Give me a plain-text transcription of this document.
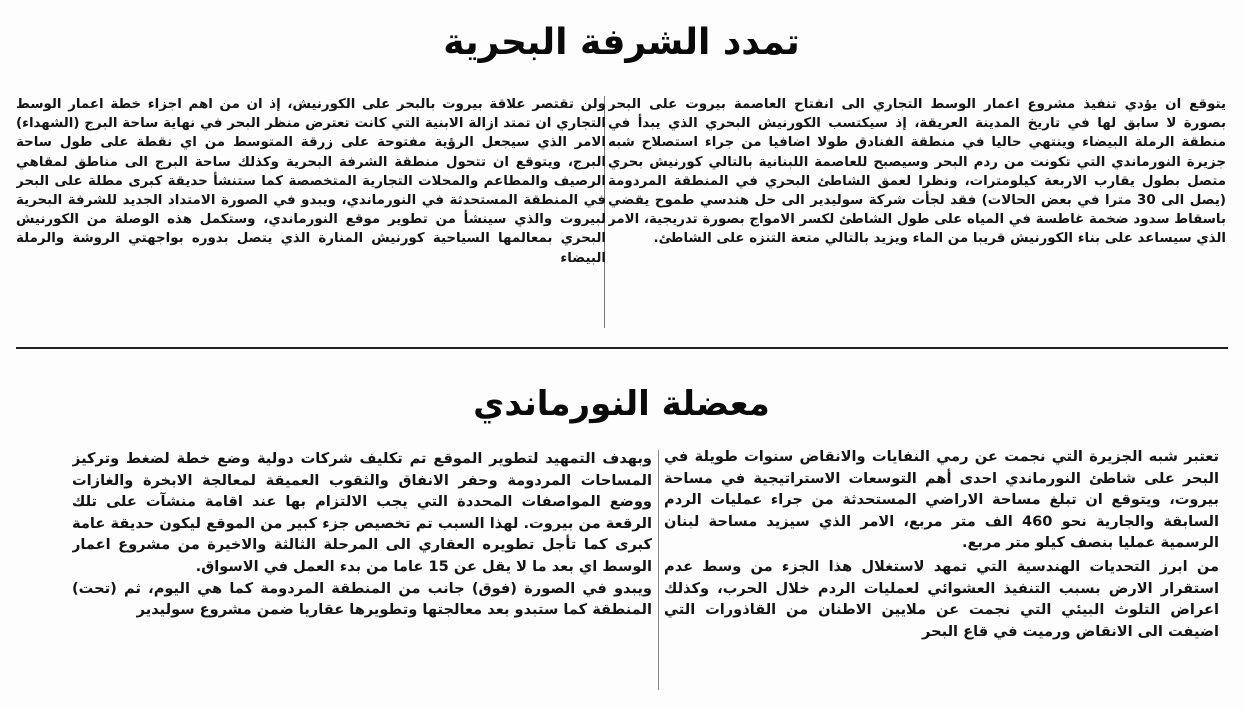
تمدد الشرفة البحرية

يتوقع ان يؤدي تنفيذ مشروع اعمار الوسط التجاري الى انفتاح العاصمة بيروت على البحر بصورة لا سابق لها في تاريخ المدينة العريقة، إذ سيكتسب الكورنيش البحري الذي يبدأ في منطقة الرملة البيضاء وينتهي حاليا في منطقة الفنادق طولا اضافيا من جراء استصلاح شبه جزيرة النورماندي التي تكونت من ردم البحر وسيصبح للعاصمة اللبنانية بالتالي كورنيش بحري متصل بطول يقارب الاربعة كيلومترات، ونظرا لعمق الشاطئ البحري في المنطقة المردومة (يصل الى 30 مترا في بعض الحالات) فقد لجأت شركة سوليدير الى حل هندسي طموح يقضي باسقاط سدود ضخمة غاطسة في المياه على طول الشاطئ لكسر الامواج بصورة تدريجية، الامر الذي سيساعد على بناء الكورنيش قريبا من الماء ويزيد بالتالي متعة التنزه على الشاطئ.

ولن تقتصر علاقة بيروت بالبحر على الكورنيش، إذ ان من اهم اجزاء خطة اعمار الوسط التجاري ان تمتد ازالة الابنية التي كانت تعترض منظر البحر في نهاية ساحة البرج (الشهداء) الامر الذي سيجعل الرؤية مفتوحة على زرقة المتوسط من اي نقطة على طول ساحة البرج، ويتوقع ان تتحول منطقة الشرفة البحرية وكذلك ساحة البرج الى مناطق لمقاهي الرصيف والمطاعم والمحلات التجارية المتخصصة كما ستنشأ حديقة كبرى مطلة على البحر في المنطقة المستحدثة في النورماندي، ويبدو في الصورة الامتداد الجديد للشرفة البحرية لبيروت والذي سينشأ من تطوير موقع النورماندي، وستكمل هذه الوصلة من الكورنيش البحري بمعالمها السياحية كورنيش المنارة الذي يتصل بدوره بواجهتي الروشة والرملة البيضاء

معضلة النورماندي

تعتبر شبه الجزيرة التي نجمت عن رمي النفايات والانقاض سنوات طويلة في البحر على شاطئ النورماندي احدى أهم التوسعات الاستراتيجية في مساحة بيروت، ويتوقع ان تبلغ مساحة الاراضي المستحدثة من جراء عمليات الردم السابقة والجارية نحو 460 الف متر مربع، الامر الذي سيزيد مساحة لبنان الرسمية عمليا بنصف كيلو متر مربع.

من ابرز التحديات الهندسية التي تمهد لاستغلال هذا الجزء من وسط عدم استقرار الارض بسبب التنفيذ العشوائي لعمليات الردم خلال الحرب، وكذلك اعراض التلوث البيئي التي نجمت عن ملايين الاطنان من القاذورات التي اضيفت الى الانقاض ورميت في قاع البحر

وبهدف التمهيد لتطوير الموقع تم تكليف شركات دولية وضع خطة لضغط وتركيز المساحات المردومة وحفر الانفاق والثقوب العميقة لمعالجة الابخرة والغازات ووضع المواصفات المحددة التي يجب الالتزام بها عند اقامة منشآت على تلك الرقعة من بيروت. لهذا السبب تم تخصيص جزء كبير من الموقع ليكون حديقة عامة كبرى كما تأجل تطويره العقاري الى المرحلة الثالثة والاخيرة من مشروع اعمار الوسط اي بعد ما لا يقل عن 15 عاما من بدء العمل في الاسواق.

ويبدو في الصورة (فوق) جانب من المنطقة المردومة كما هي اليوم، ثم (تحت) المنطقة كما ستبدو بعد معالجتها وتطويرها عقاريا ضمن مشروع سوليدير
